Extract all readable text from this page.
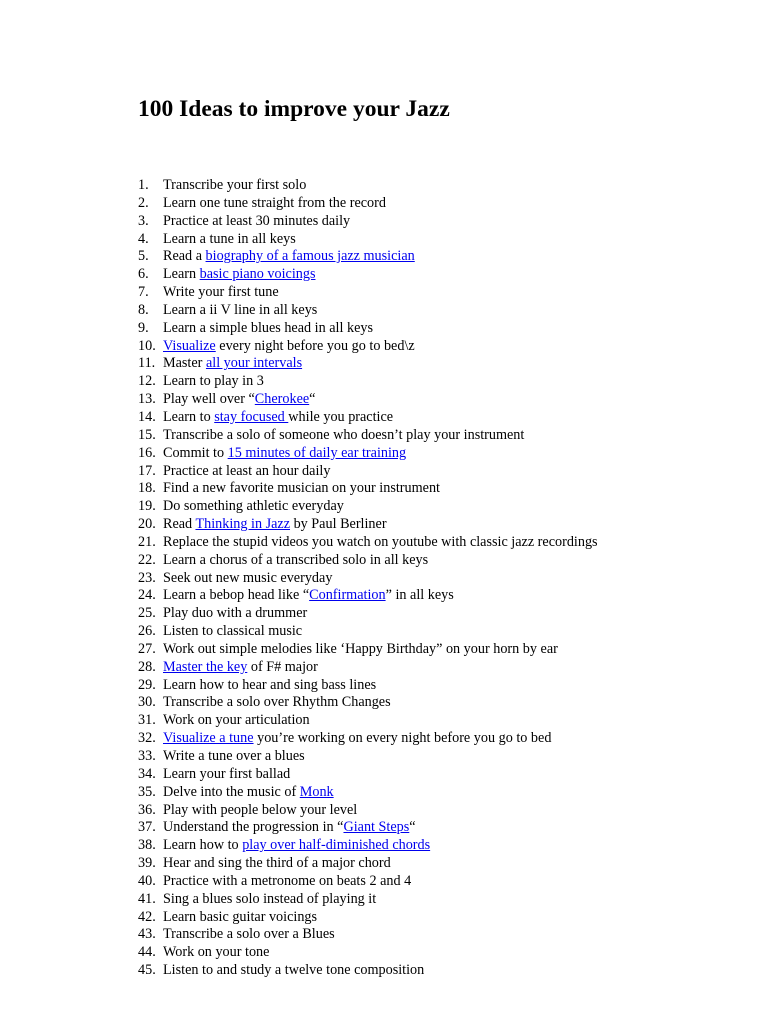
100 Ideas to improve your Jazz
1. Transcribe your first solo
2. Learn one tune straight from the record
3. Practice at least 30 minutes daily
4. Learn a tune in all keys
5. Read a biography of a famous jazz musician
6. Learn basic piano voicings
7. Write your first tune
8. Learn a ii V line in all keys
9. Learn a simple blues head in all keys
10. Visualize every night before you go to bed\z
11. Master all your intervals
12. Learn to play in 3
13. Play well over “Cherokee“
14. Learn to stay focused while you practice
15. Transcribe a solo of someone who doesn’t play your instrument
16. Commit to 15 minutes of daily ear training
17. Practice at least an hour daily
18. Find a new favorite musician on your instrument
19. Do something athletic everyday
20. Read Thinking in Jazz by Paul Berliner
21. Replace the stupid videos you watch on youtube with classic jazz recordings
22. Learn a chorus of a transcribed solo in all keys
23. Seek out new music everyday
24. Learn a bebop head like “Confirmation” in all keys
25. Play duo with a drummer
26. Listen to classical music
27. Work out simple melodies like ‘Happy Birthday” on your horn by ear
28. Master the key of F# major
29. Learn how to hear and sing bass lines
30. Transcribe a solo over Rhythm Changes
31. Work on your articulation
32. Visualize a tune you’re working on every night before you go to bed
33. Write a tune over a blues
34. Learn your first ballad
35. Delve into the music of Monk
36. Play with people below your level
37. Understand the progression in “Giant Steps“
38. Learn how to play over half-diminished chords
39. Hear and sing the third of a major chord
40. Practice with a metronome on beats 2 and 4
41. Sing a blues solo instead of playing it
42. Learn basic guitar voicings
43. Transcribe a solo over a Blues
44. Work on your tone
45. Listen to and study a twelve tone composition
